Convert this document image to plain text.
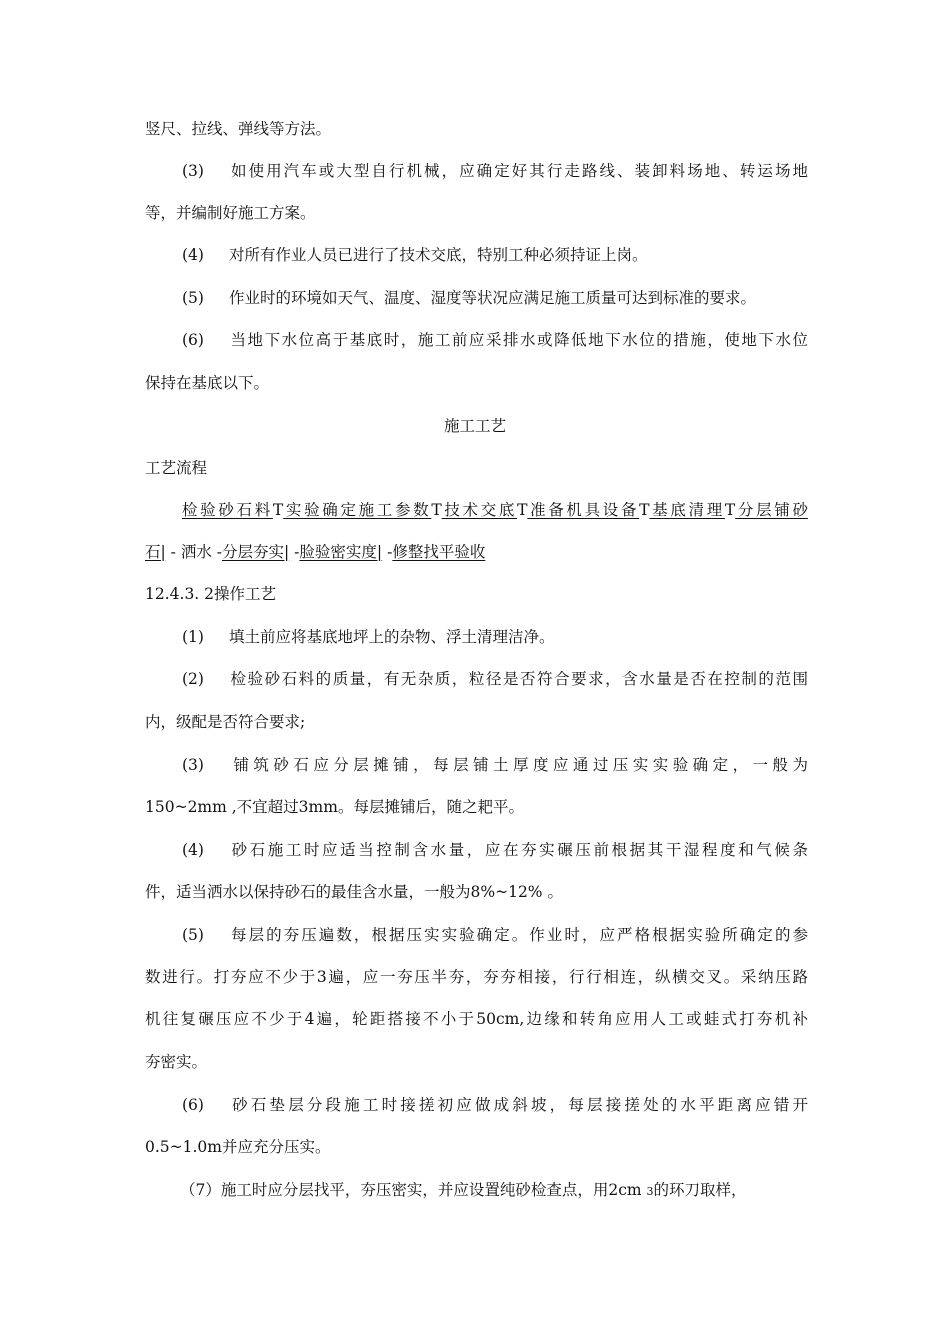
竖尺、拉线、弹线等方法。
(3) 如使用汽车或大型自行机械，应确定好其行走路线、装卸料场地、转运场地
等，并编制好施工方案。
(4) 对所有作业人员已进行了技术交底，特别工种必须持证上岗。
(5) 作业时的环境如天气、温度、湿度等状况应满足施工质量可达到标准的要求。
(6) 当地下水位高于基底时，施工前应采排水或降低地下水位的措施，使地下水位
保持在基底以下。
施工工艺
工艺流程
检验砂石料T实验确定施工参数T技术交底T准备机具设备T基底清理T分层铺砂
石| - 洒水 -分层夯实| -脸验密实度| -修整找平验收
12.4.3. 2操作工艺
(1) 填土前应将基底地坪上的杂物、浮土清理洁净。
(2) 检验砂石料的质量，有无杂质，粒径是否符合要求，含水量是否在控制的范围
内，级配是否符合要求;
(3) 铺筑砂石应分层摊铺，每层铺土厚度应通过压实实验确定，一般为
150~2mm ,不宜超过3mm。每层摊铺后，随之耙平。
(4) 砂石施工时应适当控制含水量，应在夯实碾压前根据其干湿程度和气候条
件，适当洒水以保持砂石的最佳含水量，一般为8%~12% 。
(5) 每层的夯压遍数，根据压实实验确定。作业时，应严格根据实验所确定的参
数进行。打夯应不少于3遍，应一夯压半夯，夯夯相接，行行相连，纵横交叉。采纳压路
机往复碾压应不少于4遍，轮距搭接不小于50cm,边缘和转角应用人工或蛙式打夯机补
夯密实。
(6) 砂石垫层分段施工时接搓初应做成斜坡，每层接搓处的水平距离应错开
0.5~1.0m并应充分压实。
（7）施工时应分层找平，夯压密实，并应设置纯砂检查点，用2cm 3的环刀取样，
